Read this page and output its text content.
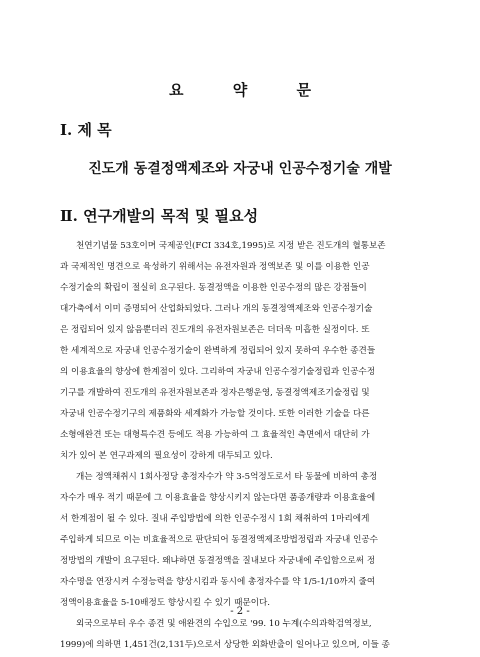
요 약 문
Ⅰ. 제 목
진도개 동결정액제조와 자궁내 인공수정기술 개발
Ⅱ. 연구개발의 목적 및 필요성
천연기념물 53호이며 국제공인(FCI 334호,1995)로 지정 받은 진도개의 혈통보존
과 국제적인 명견으로 육성하기 위해서는 유전자원과 정액보존 및 이를 이용한 인공
수정기술의 확립이 절실히 요구된다. 동결정액을 이용한 인공수정의 많은 강점들이
대가축에서 이미 증명되어 산업화되었다. 그러나 개의 동결정액제조와 인공수정기술
은 정립되어 있지 않음뿐더러 진도개의 유전자원보존은 더더욱 미흡한 실정이다. 또
한 세계적으로 자궁내 인공수정기술이 완벽하게 정립되어 있지 못하여 우수한 종견들
의 이용효율의 향상에 한계점이 있다. 그리하여 자궁내 인공수정기술정립과 인공수정
기구를 개발하여 진도개의 유전자원보존과 정자은행운영, 동결정액제조기술정립 및
자궁내 인공수정기구의 제품화와 세계화가 가능할 것이다. 또한 이러한 기술을 다른
소형애완견 또는 대형특수견 등에도 적용 가능하여 그 효율적인 측면에서 대단히 가
치가 있어 본 연구과제의 필요성이 강하게 대두되고 있다.
개는 정액채취시 1회사정당 총정자수가 약 3-5억정도로서 타 동물에 비하여 총정
자수가 매우 적기 때문에 그 이용효율을 향상시키지 않는다면 품종개량과 이용효율에
서 한계점이 될 수 있다. 질내 주입방법에 의한 인공수정시 1회 채취하여 1마리에게
주입하게 되므로 이는 비효율적으로 판단되어 동결정액제조방법정립과 자궁내 인공수
정방법의 개발이 요구된다. 왜냐하면 동결정액을 질내보다 자궁내에 주입함으로써 정
자수명을 연장시켜 수정능력을 향상시킴과 동시에 총정자수를 약 1/5-1/10까지 줄여
정액이용효율을 5-10배정도 향상시킬 수 있기 때문이다.
외국으로부터 우수 종견 및 애완견의 수입으로 '99. 10 누계(수의과학검역정보,
1999)에 의하면 1,451건(2,131두)으로서 상당한 외화반출이 일어나고 있으며, 이들 종
- 2 -
